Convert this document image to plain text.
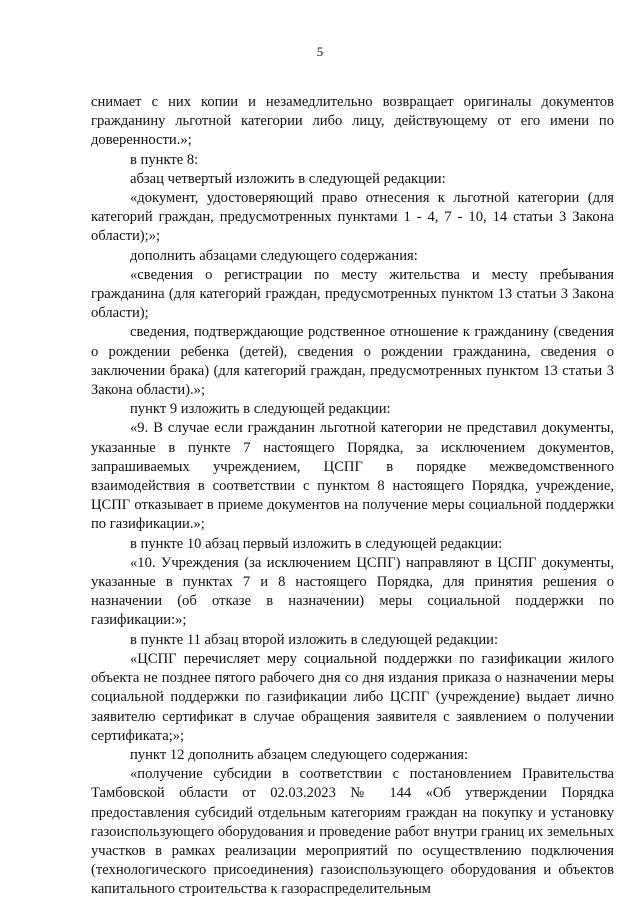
5

снимает с них копии и незамедлительно возвращает оригиналы документов гражданину льготной категории либо лицу, действующему от его имени по доверенности.»;

в пункте 8:

абзац четвертый изложить в следующей редакции:

«документ, удостоверяющий право отнесения к льготной категории (для категорий граждан, предусмотренных пунктами 1 - 4, 7 - 10, 14 статьи 3 Закона области);»;

дополнить абзацами следующего содержания:

«сведения о регистрации по месту жительства и месту пребывания гражданина (для категорий граждан, предусмотренных пунктом 13 статьи 3 Закона области);

сведения, подтверждающие родственное отношение к гражданину (сведения о рождении ребенка (детей), сведения о рождении гражданина, сведения о заключении брака) (для категорий граждан, предусмотренных пунктом 13 статьи 3 Закона области).»;

пункт 9 изложить в следующей редакции:

«9. В случае если гражданин льготной категории не представил документы, указанные в пункте 7 настоящего Порядка, за исключением документов, запрашиваемых учреждением, ЦСПГ в порядке межведомственного взаимодействия в соответствии с пунктом 8 настоящего Порядка, учреждение, ЦСПГ отказывает в приеме документов на получение меры социальной поддержки по газификации.»;

в пункте 10 абзац первый изложить в следующей редакции:

«10. Учреждения (за исключением ЦСПГ) направляют в ЦСПГ документы, указанные в пунктах 7 и 8 настоящего Порядка, для принятия решения о назначении (об отказе в назначении) меры социальной поддержки по газификации:»;

в пункте 11 абзац второй изложить в следующей редакции:

«ЦСПГ перечисляет меру социальной поддержки по газификации жилого объекта не позднее пятого рабочего дня со дня издания приказа о назначении меры социальной поддержки по газификации либо ЦСПГ (учреждение) выдает лично заявителю сертификат в случае обращения заявителя с заявлением о получении сертификата;»;

пункт 12 дополнить абзацем следующего содержания:

«получение субсидии в соответствии с постановлением Правительства Тамбовской области от 02.03.2023 № 144 «Об утверждении Порядка предоставления субсидий отдельным категориям граждан на покупку и установку газоиспользующего оборудования и проведение работ внутри границ их земельных участков в рамках реализации мероприятий по осуществлению подключения (технологического присоединения) газоиспользующего оборудования и объектов капитального строительства к газораспределительным
